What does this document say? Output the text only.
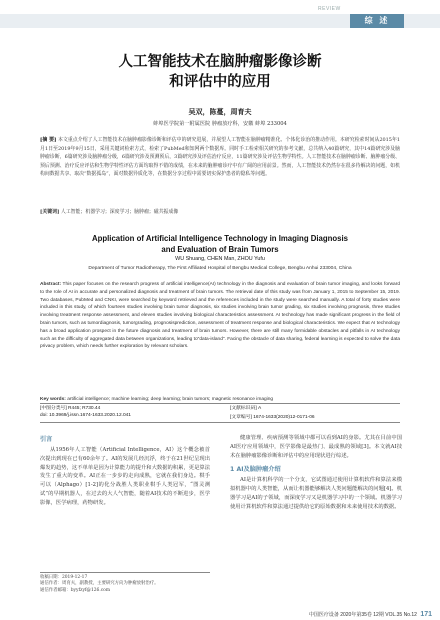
REVIEW
综 述
人工智能技术在脑肿瘤影像诊断
和评估中的应用
吴双，陈蔓，周育夫
蚌埠医学院第一附属医院 肿瘤放疗科，安徽 蚌埠 233004
[摘 要] 本文重点介绍了人工智能技术在脑肿瘤影像诊断和评估中的研究进展，并展望人工智能在脑肿瘤精准化、个体化诊治的推动作用。本研究检索时间从2015年1月1日至2019年9月15日，采用关键词检索方式，检索了PubMed和知网两个数据库。同时手工检索相关研究的参考文献，总共纳入40篇研究，其中14篇研究涉及脑肿瘤诊断，6篇研究涉及脑肿瘤分级，6篇研究涉及预测预后，3篇研究涉及评估治疗反应，11篇研究涉及评估生物学特性。人工智能技术在脑肿瘤诊断、脑肿瘤分级、预后预测、治疗反应评估和生物学特性评估方面均取得不错的成绩，在未来的脑肿瘤诊疗中有广阔的应用前景。然而，人工智能技术仍然存在很多待解决的问题，如机构间数据共享、取决“数据孤岛”，面对数据异质化等，在数据分享过程中需要切实保护患者的隐私等问题。
[关键词] 人工智能；机器学习；深度学习；脑肿瘤；磁共振成像
Application of Artificial Intelligence Technology in Imaging Diagnosis
and Evaluation of Brain Tumors
WU Shuang, CHEN Man, ZHOU Yufu
Department of Tumor Radiotherapy, The First Affiliated Hospital of Bengbu Medical College, Bengbu Anhui 233004, China
Abstract: This paper focuses on the research progress of artificial intelligence(AI) technology in the diagnosis and evaluation of brain tumor imaging, and looks forward to the role of AI in accurate and personalized diagnosis and treatment of brain tumors. The retrieval date of this study was from January 1, 2015 to September 15, 2019. Two databases, PubMed and CNKI, were searched by keyword retrieved and the references included in the study were searched manually. A total of forty studies were included in this study, of which fourteen studies involving brain tumor diagnosis, six studies involving brain tumor grading, six studies involving prognosis, three studies involving treatment response assessment, and eleven studies involving biological characteristics assessment. AI technology has made significant progress in the field of brain tumors, such as tumordiagnosis, tumorgrading, prognosisprediction, assessment of treatment response and biological characteristics. We expect that AI technology has a broad application prospect in the future diagnosis and treatment of brain tumors. However, there are still many formidable obstacles and pitfalls in AI technology such as the difficulty of aggregated data between organizations, leading to"data-island". Facing the obstacle of data sharing, federal learning is expected to solve the data privacy problem, which needs further exploration by relevant scholars.
Key words: artificial intelligence; machine learning; deep learning; brain tumors; magnetic resonance imaging
[中图分类号] R445; R730.44	[文献标识码] A
doi: 10.3969/j.issn.1674-1633.2020.12.041	[文章编号] 1674-1633(2020)12-0171-06
引言

从1956年人工智能（Artificial Intelligence，AI）这个概念被首次提出到现在已有60余年了。AI的发展几经沉浮，终于在21世纪呈现出爆发的趋势，这不单单是因为计算能力的提升和大数据的积累，更是算法发生了重大的变革。AI正在一步步的走向成熟，它就在我们身边。棋手可以（Alphago）[1-2]的化分战胜人类职业棋手人类冠军，“图灵测试”的早期机器人，在过去的大人气智能，随着AI技术的不断进步，医学影像，医学病理，药物研发。

健康管理、疾病预测等领域中都可以看到AI的身影。尤其在目前中国AI医疗应用领域中，医学影像是最热门、最成熟的领域[3]。本文就AI技术在脑肿瘤影像诊断和评估中的应用现状进行综述。

1 AI及脑肿瘤介绍

AI是计算机科学的一个分支，它试图通过使用计算机软件和算法来模拟机器中的人类智能，从而让机器能够解决人类问题能解决的问题[4]。机器学习是AI的子领域，而深度学习又是机器学习中的一个领域。机器学习使用计算机软件和算法通过提供给它的原始数据和未来使用技术的数据。

收稿日期：2019-12-17
通信作者：周育夫，副教授，主要研究方向为肿瘤放射治疗。
通信作者邮箱：byyfzyf@126.com
中国医疗设备 2020年第35卷 12期 VOL.35 No.12 171
